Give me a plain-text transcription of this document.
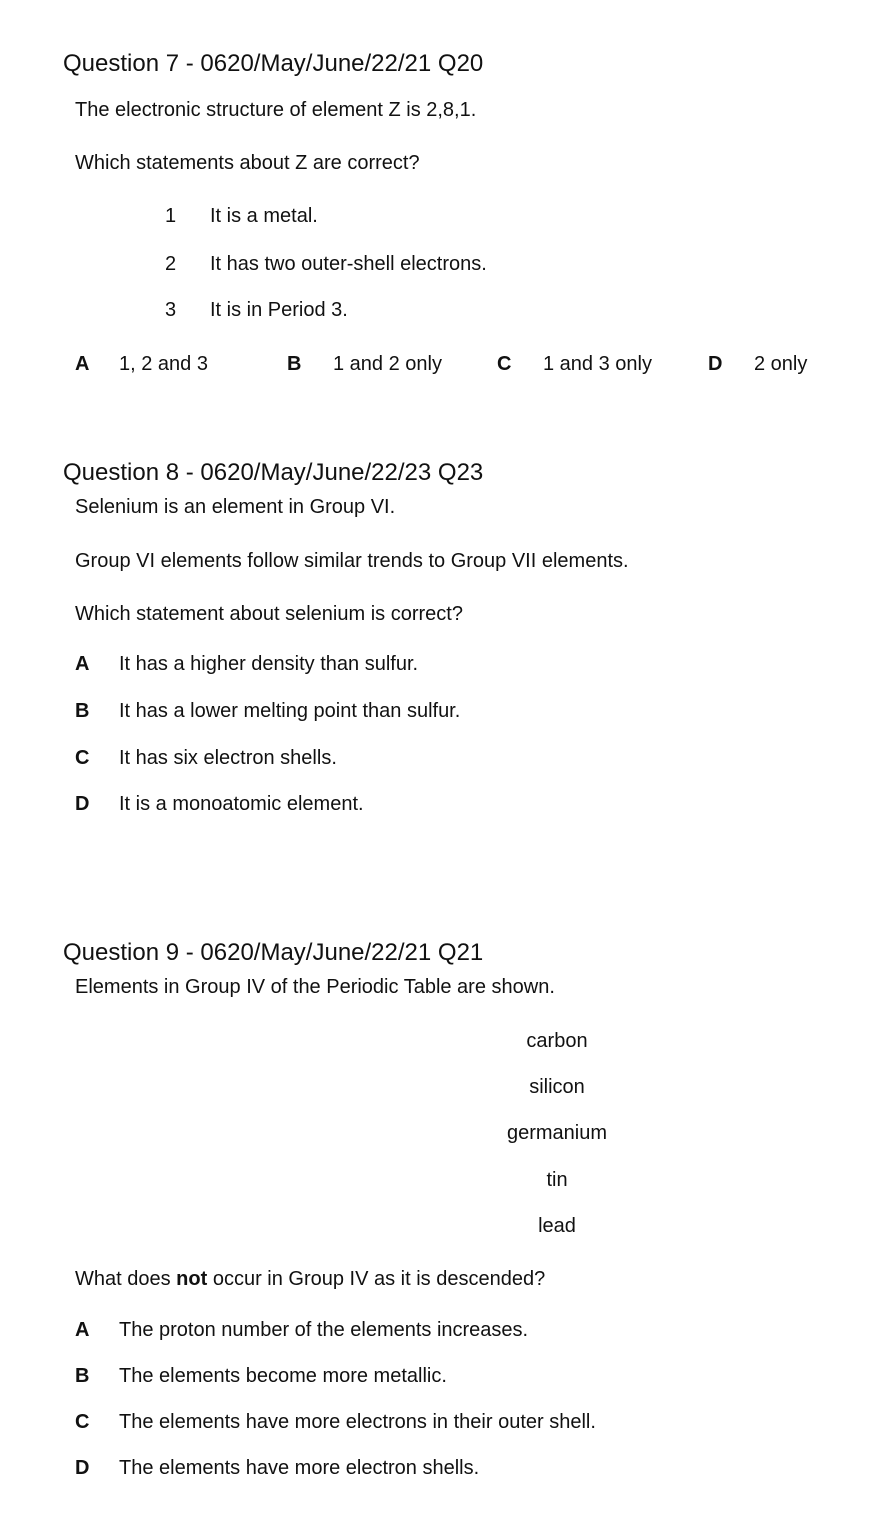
Question 7 - 0620/May/June/22/21 Q20
The electronic structure of element Z is 2,8,1.
Which statements about Z are correct?
1 It is a metal.
2 It has two outer-shell electrons.
3 It is in Period 3.
A 1, 2 and 3	B 1 and 2 only	C 1 and 3 only	D 2 only
Question 8 - 0620/May/June/22/23 Q23
Selenium is an element in Group VI.
Group VI elements follow similar trends to Group VII elements.
Which statement about selenium is correct?
A It has a higher density than sulfur.
B It has a lower melting point than sulfur.
C It has six electron shells.
D It is a monoatomic element.
Question 9 - 0620/May/June/22/21 Q21
Elements in Group IV of the Periodic Table are shown.
carbon
silicon
germanium
tin
lead
What does not occur in Group IV as it is descended?
A The proton number of the elements increases.
B The elements become more metallic.
C The elements have more electrons in their outer shell.
D The elements have more electron shells.
